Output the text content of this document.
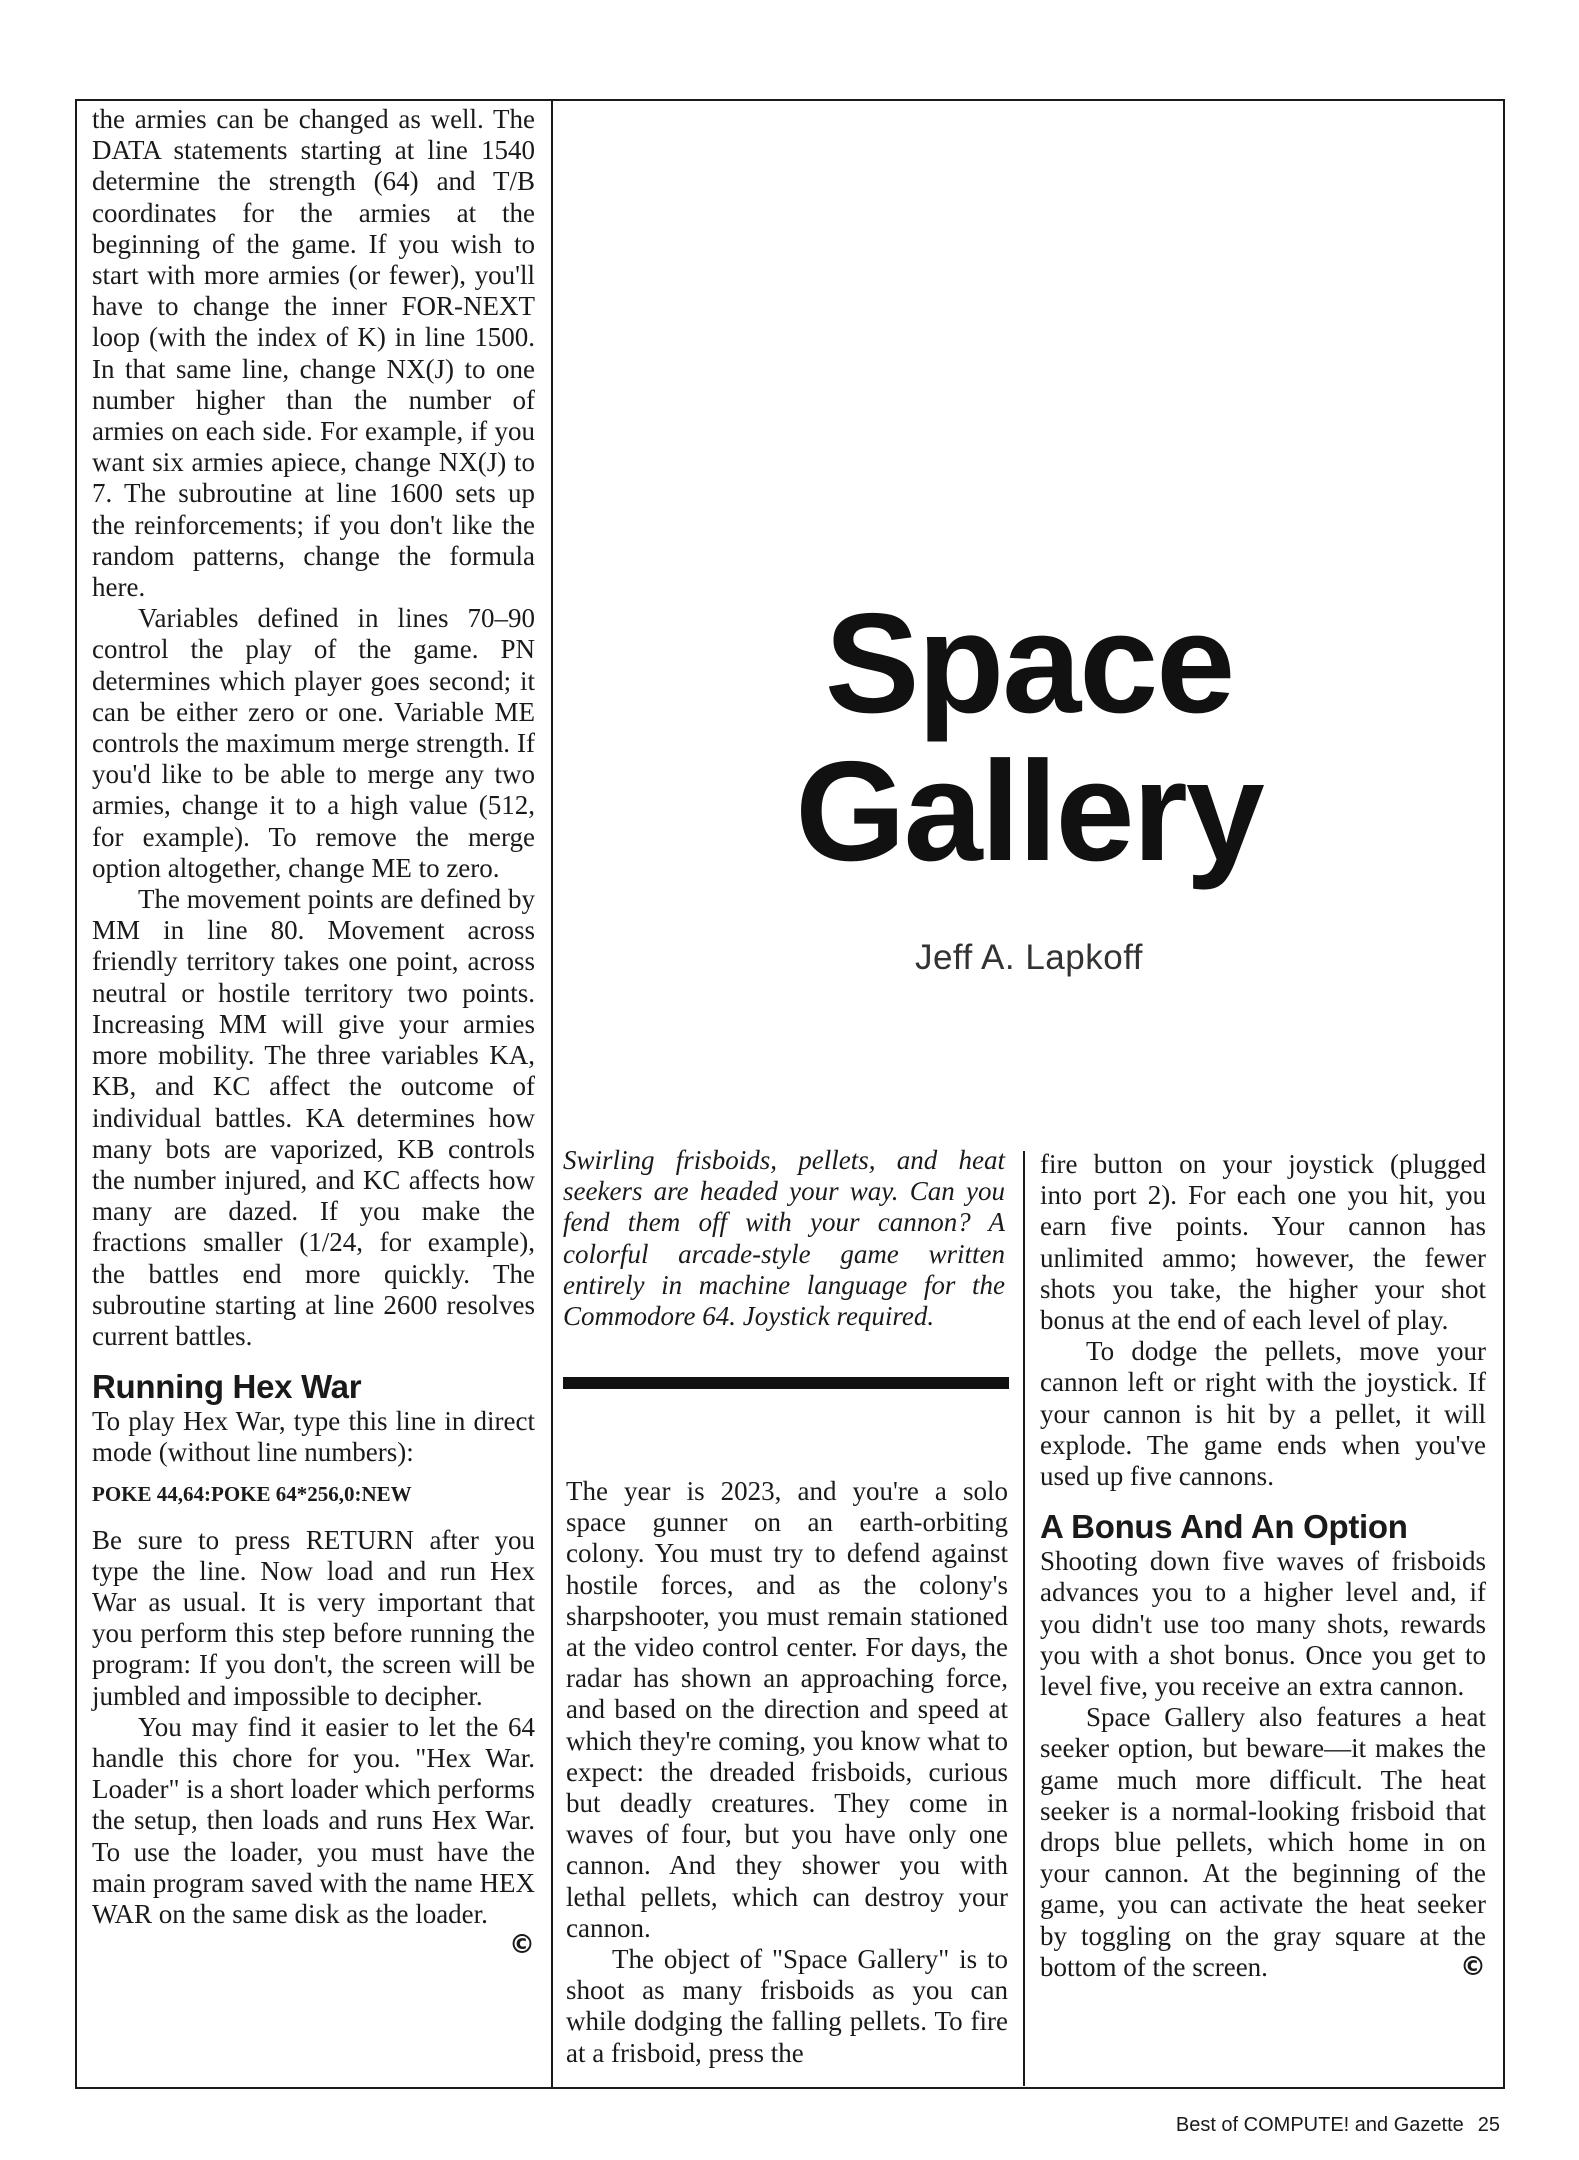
the armies can be changed as well. The DATA statements starting at line 1540 determine the strength (64) and T/B coordinates for the armies at the beginning of the game. If you wish to start with more armies (or fewer), you'll have to change the inner FOR-NEXT loop (with the index of K) in line 1500. In that same line, change NX(J) to one number higher than the number of armies on each side. For example, if you want six armies apiece, change NX(J) to 7. The subroutine at line 1600 sets up the reinforcements; if you don't like the random patterns, change the formula here.

Variables defined in lines 70–90 control the play of the game. PN determines which player goes second; it can be either zero or one. Variable ME controls the maximum merge strength. If you'd like to be able to merge any two armies, change it to a high value (512, for example). To remove the merge option altogether, change ME to zero.

The movement points are defined by MM in line 80. Movement across friendly territory takes one point, across neutral or hostile territory two points. Increasing MM will give your armies more mobility. The three variables KA, KB, and KC affect the outcome of individual battles. KA determines how many bots are vaporized, KB controls the number injured, and KC affects how many are dazed. If you make the fractions smaller (1/24, for example), the battles end more quickly. The subroutine starting at line 2600 resolves current battles.

Running Hex War

To play Hex War, type this line in direct mode (without line numbers):

POKE 44,64:POKE 64*256,0:NEW

Be sure to press RETURN after you type the line. Now load and run Hex War as usual. It is very important that you perform this step before running the program: If you don't, the screen will be jumbled and impossible to decipher.

You may find it easier to let the 64 handle this chore for you. "Hex War. Loader" is a short loader which performs the setup, then loads and runs Hex War. To use the loader, you must have the main program saved with the name HEX WAR on the same disk as the loader.
©

Space
Gallery
Jeff A. Lapkoff
Swirling frisboids, pellets, and heat seekers are headed your way. Can you fend them off with your cannon? A colorful arcade-style game written entirely in machine language for the Commodore 64. Joystick required.

The year is 2023, and you're a solo space gunner on an earth-orbiting colony. You must try to defend against hostile forces, and as the colony's sharpshooter, you must remain stationed at the video control center. For days, the radar has shown an approaching force, and based on the direction and speed at which they're coming, you know what to expect: the dreaded frisboids, curious but deadly creatures. They come in waves of four, but you have only one cannon. And they shower you with lethal pellets, which can destroy your cannon.

The object of "Space Gallery" is to shoot as many frisboids as you can while dodging the falling pellets. To fire at a frisboid, press the

fire button on your joystick (plugged into port 2). For each one you hit, you earn five points. Your cannon has unlimited ammo; however, the fewer shots you take, the higher your shot bonus at the end of each level of play.

To dodge the pellets, move your cannon left or right with the joystick. If your cannon is hit by a pellet, it will explode. The game ends when you've used up five cannons.

A Bonus And An Option

Shooting down five waves of frisboids advances you to a higher level and, if you didn't use too many shots, rewards you with a shot bonus. Once you get to level five, you receive an extra cannon.

Space Gallery also features a heat seeker option, but beware—it makes the game much more difficult. The heat seeker is a normal-looking frisboid that drops blue pellets, which home in on your cannon. At the beginning of the game, you can activate the heat seeker by toggling on the gray square at the bottom of the screen.	©

Best of COMPUTE! and Gazette 25
